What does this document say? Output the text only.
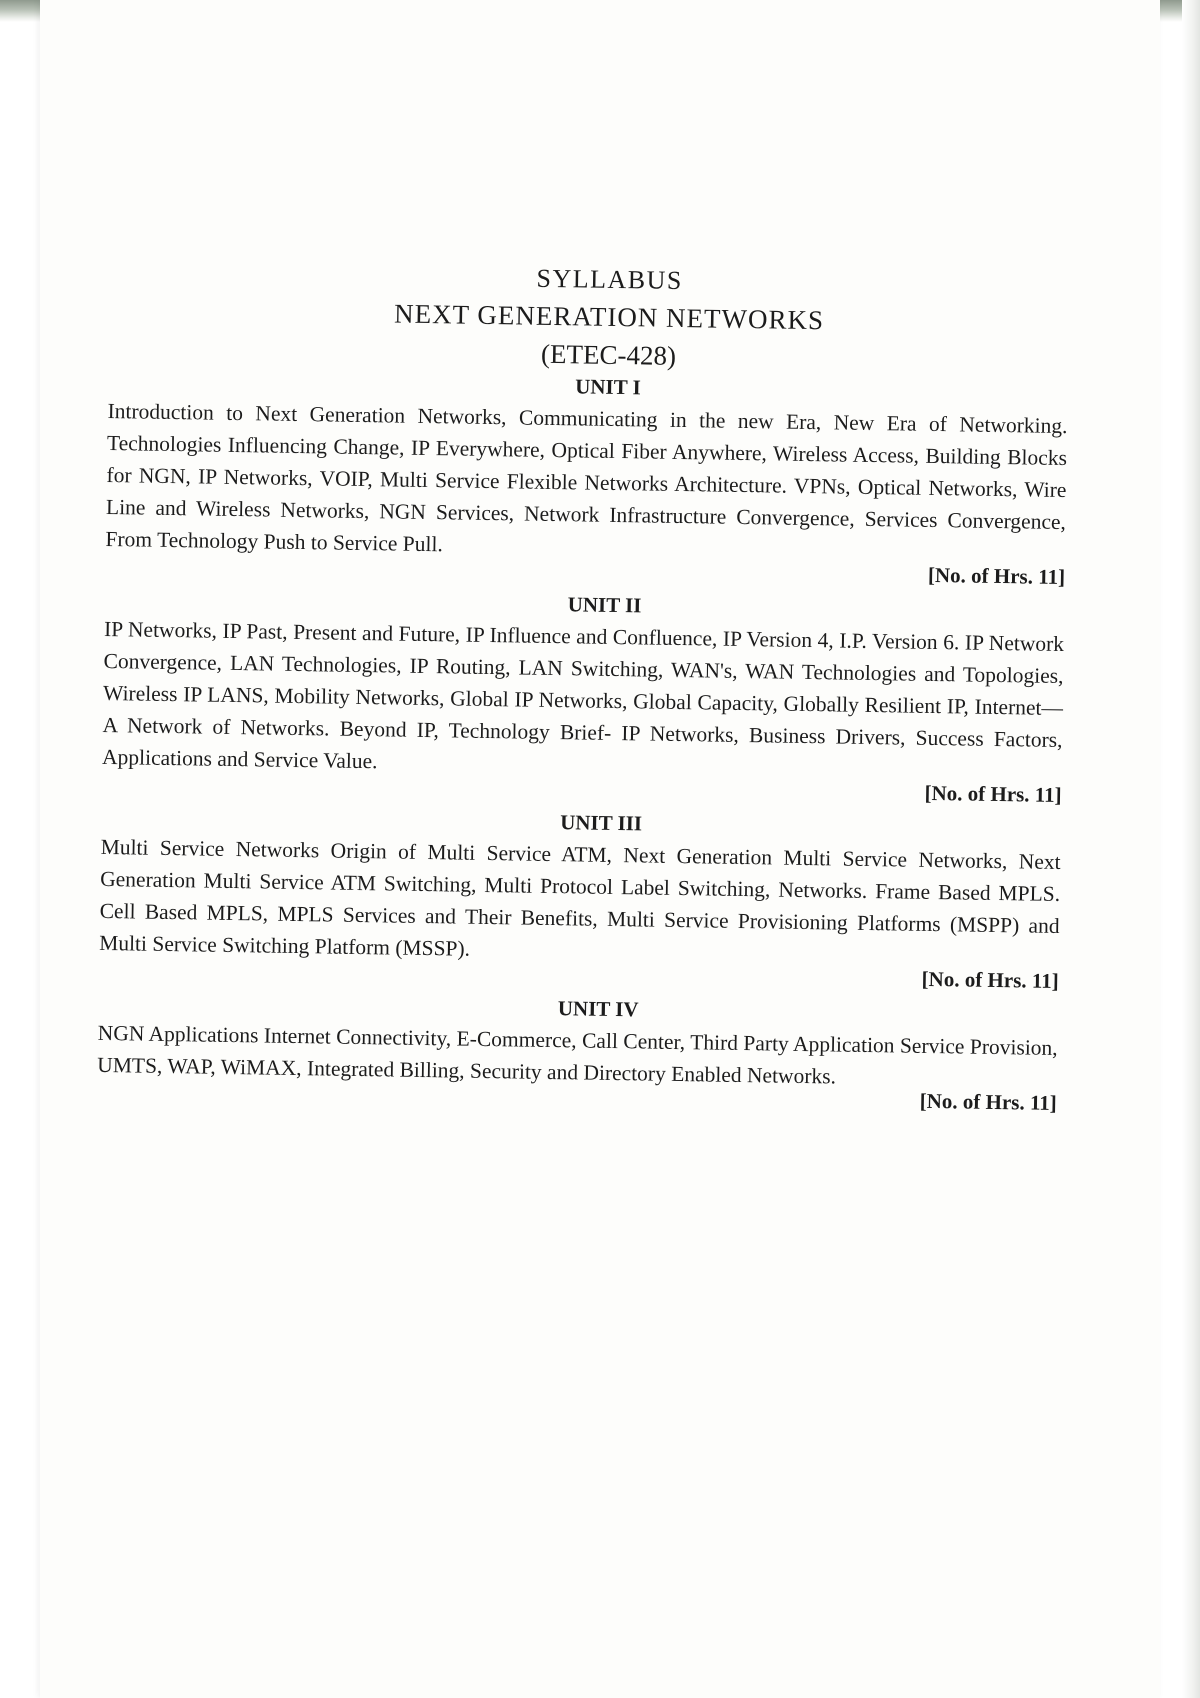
SYLLABUS
NEXT GENERATION NETWORKS
(ETEC-428)
UNIT I

Introduction to Next Generation Networks, Communicating in the new Era, New Era of Networking. Technologies Influencing Change, IP Everywhere, Optical Fiber Anywhere, Wireless Access, Building Blocks for NGN, IP Networks, VOIP, Multi Service Flexible Networks Architecture. VPNs, Optical Networks, Wire Line and Wireless Networks, NGN Services, Network Infrastructure Convergence, Services Convergence, From Technology Push to Service Pull.

[No. of Hrs. 11]
UNIT II

IP Networks, IP Past, Present and Future, IP Influence and Confluence, IP Version 4, I.P. Version 6. IP Network Convergence, LAN Technologies, IP Routing, LAN Switching, WAN's, WAN Technologies and Topologies, Wireless IP LANS, Mobility Networks, Global IP Networks, Global Capacity, Globally Resilient IP, Internet—A Network of Networks. Beyond IP, Technology Brief- IP Networks, Business Drivers, Success Factors, Applications and Service Value.

[No. of Hrs. 11]
UNIT III

Multi Service Networks Origin of Multi Service ATM, Next Generation Multi Service Networks, Next Generation Multi Service ATM Switching, Multi Protocol Label Switching, Networks. Frame Based MPLS. Cell Based MPLS, MPLS Services and Their Benefits, Multi Service Provisioning Platforms (MSPP) and Multi Service Switching Platform (MSSP).

[No. of Hrs. 11]
UNIT IV

NGN Applications Internet Connectivity, E-Commerce, Call Center, Third Party Application Service Provision, UMTS, WAP, WiMAX, Integrated Billing, Security and Directory Enabled Networks.

[No. of Hrs. 11]
